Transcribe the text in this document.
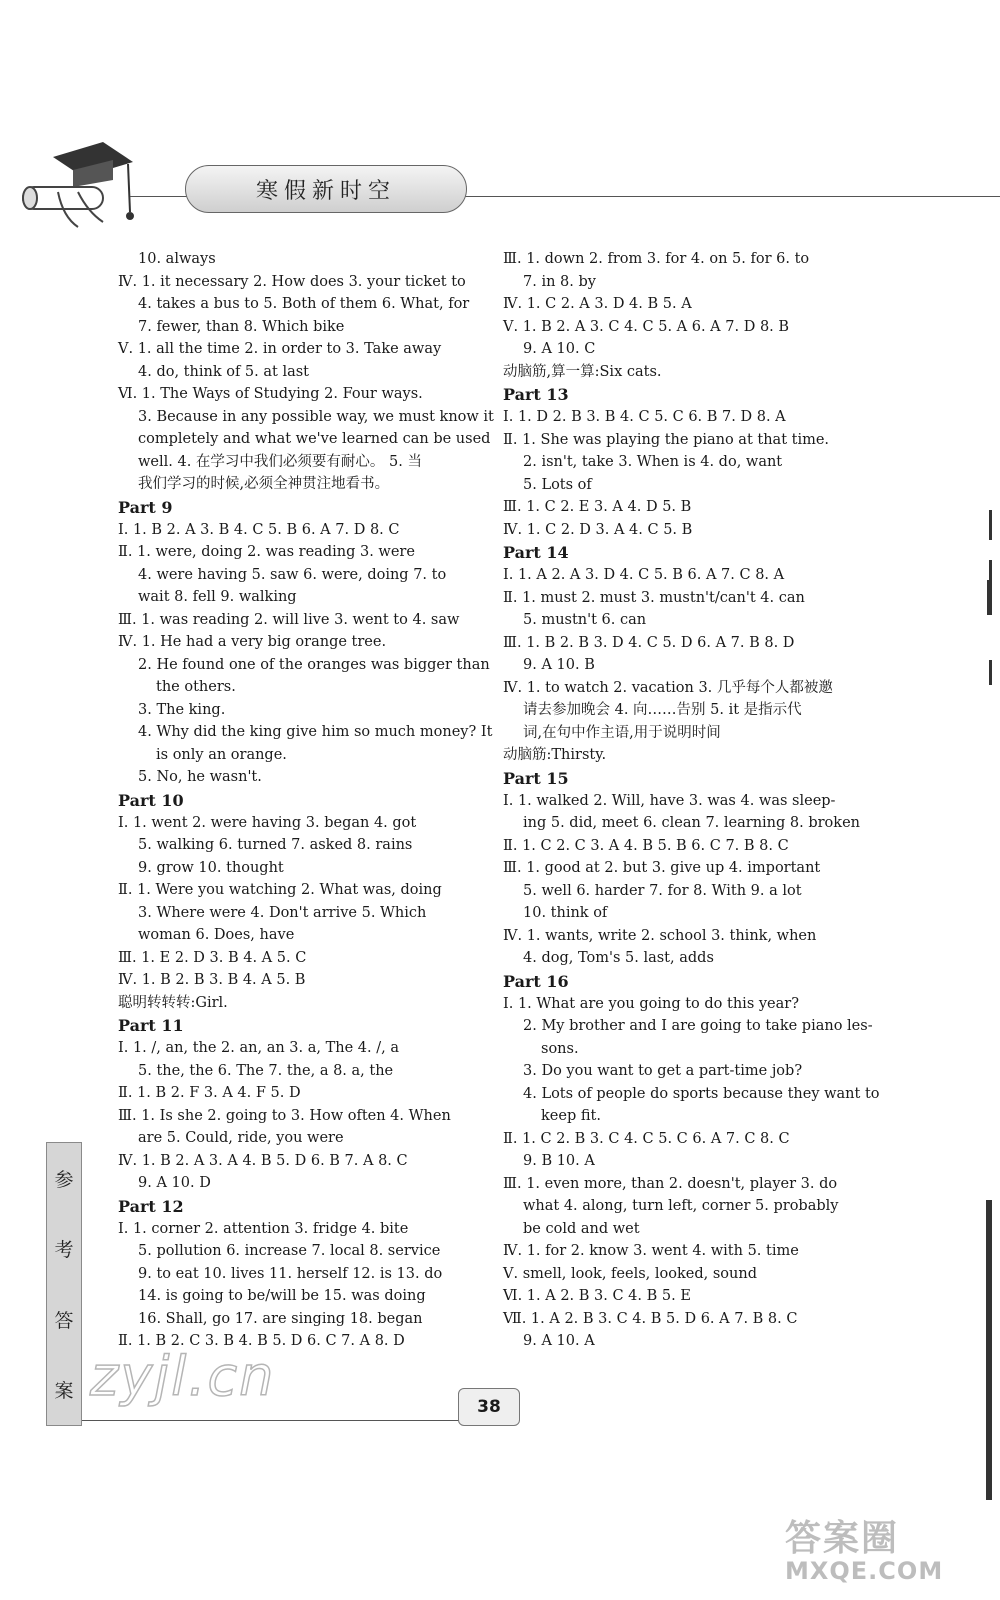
寒假新时空
10. always
Ⅳ. 1. it necessary 2. How does 3. your ticket to
4. takes a bus to 5. Both of them 6. What, for
7. fewer, than 8. Which bike
Ⅴ. 1. all the time 2. in order to 3. Take away
4. do, think of 5. at last
Ⅵ. 1. The Ways of Studying 2. Four ways.
3. Because in any possible way, we must know it
completely and what we've learned can be used
well. 4. 在学习中我们必须要有耐心。 5. 当
我们学习的时候,必须全神贯注地看书。
Part 9
Ⅰ. 1. B 2. A 3. B 4. C 5. B 6. A 7. D 8. C
Ⅱ. 1. were, doing 2. was reading 3. were
4. were having 5. saw 6. were, doing 7. to
wait 8. fell 9. walking
Ⅲ. 1. was reading 2. will live 3. went to 4. saw
Ⅳ. 1. He had a very big orange tree.
2. He found one of the oranges was bigger than
the others.
3. The king.
4. Why did the king give him so much money? It
is only an orange.
5. No, he wasn't.
Part 10
Ⅰ. 1. went 2. were having 3. began 4. got
5. walking 6. turned 7. asked 8. rains
9. grow 10. thought
Ⅱ. 1. Were you watching 2. What was, doing
3. Where were 4. Don't arrive 5. Which
woman 6. Does, have
Ⅲ. 1. E 2. D 3. B 4. A 5. C
Ⅳ. 1. B 2. B 3. B 4. A 5. B
聪明转转转:Girl.
Part 11
Ⅰ. 1. /, an, the 2. an, an 3. a, The 4. /, a
5. the, the 6. The 7. the, a 8. a, the
Ⅱ. 1. B 2. F 3. A 4. F 5. D
Ⅲ. 1. Is she 2. going to 3. How often 4. When
are 5. Could, ride, you were
Ⅳ. 1. B 2. A 3. A 4. B 5. D 6. B 7. A 8. C
9. A 10. D
Part 12
Ⅰ. 1. corner 2. attention 3. fridge 4. bite
5. pollution 6. increase 7. local 8. service
9. to eat 10. lives 11. herself 12. is 13. do
14. is going to be/will be 15. was doing
16. Shall, go 17. are singing 18. began
Ⅱ. 1. B 2. C 3. B 4. B 5. D 6. C 7. A 8. D
Ⅲ. 1. down 2. from 3. for 4. on 5. for 6. to
7. in 8. by
Ⅳ. 1. C 2. A 3. D 4. B 5. A
Ⅴ. 1. B 2. A 3. C 4. C 5. A 6. A 7. D 8. B
9. A 10. C
动脑筋,算一算:Six cats.
Part 13
Ⅰ. 1. D 2. B 3. B 4. C 5. C 6. B 7. D 8. A
Ⅱ. 1. She was playing the piano at that time.
2. isn't, take 3. When is 4. do, want
5. Lots of
Ⅲ. 1. C 2. E 3. A 4. D 5. B
Ⅳ. 1. C 2. D 3. A 4. C 5. B
Part 14
Ⅰ. 1. A 2. A 3. D 4. C 5. B 6. A 7. C 8. A
Ⅱ. 1. must 2. must 3. mustn't/can't 4. can
5. mustn't 6. can
Ⅲ. 1. B 2. B 3. D 4. C 5. D 6. A 7. B 8. D
9. A 10. B
Ⅳ. 1. to watch 2. vacation 3. 几乎每个人都被邀
请去参加晚会 4. 向……告别 5. it 是指示代
词,在句中作主语,用于说明时间
动脑筋:Thirsty.
Part 15
Ⅰ. 1. walked 2. Will, have 3. was 4. was sleep-
ing 5. did, meet 6. clean 7. learning 8. broken
Ⅱ. 1. C 2. C 3. A 4. B 5. B 6. C 7. B 8. C
Ⅲ. 1. good at 2. but 3. give up 4. important
5. well 6. harder 7. for 8. With 9. a lot
10. think of
Ⅳ. 1. wants, write 2. school 3. think, when
4. dog, Tom's 5. last, adds
Part 16
Ⅰ. 1. What are you going to do this year?
2. My brother and I are going to take piano les-
sons.
3. Do you want to get a part-time job?
4. Lots of people do sports because they want to
keep fit.
Ⅱ. 1. C 2. B 3. C 4. C 5. C 6. A 7. C 8. C
9. B 10. A
Ⅲ. 1. even more, than 2. doesn't, player 3. do
what 4. along, turn left, corner 5. probably
be cold and wet
Ⅳ. 1. for 2. know 3. went 4. with 5. time
Ⅴ. smell, look, feels, looked, sound
Ⅵ. 1. A 2. B 3. C 4. B 5. E
Ⅶ. 1. A 2. B 3. C 4. B 5. D 6. A 7. B 8. C
9. A 10. A
参
考
答
案 zyjl.cn	38
答案圈
MXQE.COM
